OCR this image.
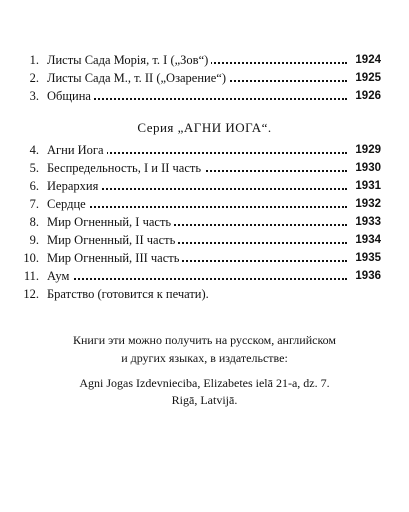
1. Листы Сада Морiя, т. I („Зов“)	1924
2. Листы Сада М., т. II („Озарение“)	1925
3. Община	1926
Серия „АГНИ ИОГА“.
4. Агни Иога	1929
5. Беспредельность, I и II часть	1930
6. Иерархия	1931
7. Сердце	1932
8. Мир Огненный, I часть	1933
9. Мир Огненный, II часть	1934
10. Мир Огненный, III часть	1935
11. Аум	1936
12. Братство (готовится к печати).
Книги эти можно получить на русском, английском
и других языках, в издательстве:
Agni Jogas Izdevnieciba, Elizabetes ielā 21-a, dz. 7.
Rigā, Latvijā.
